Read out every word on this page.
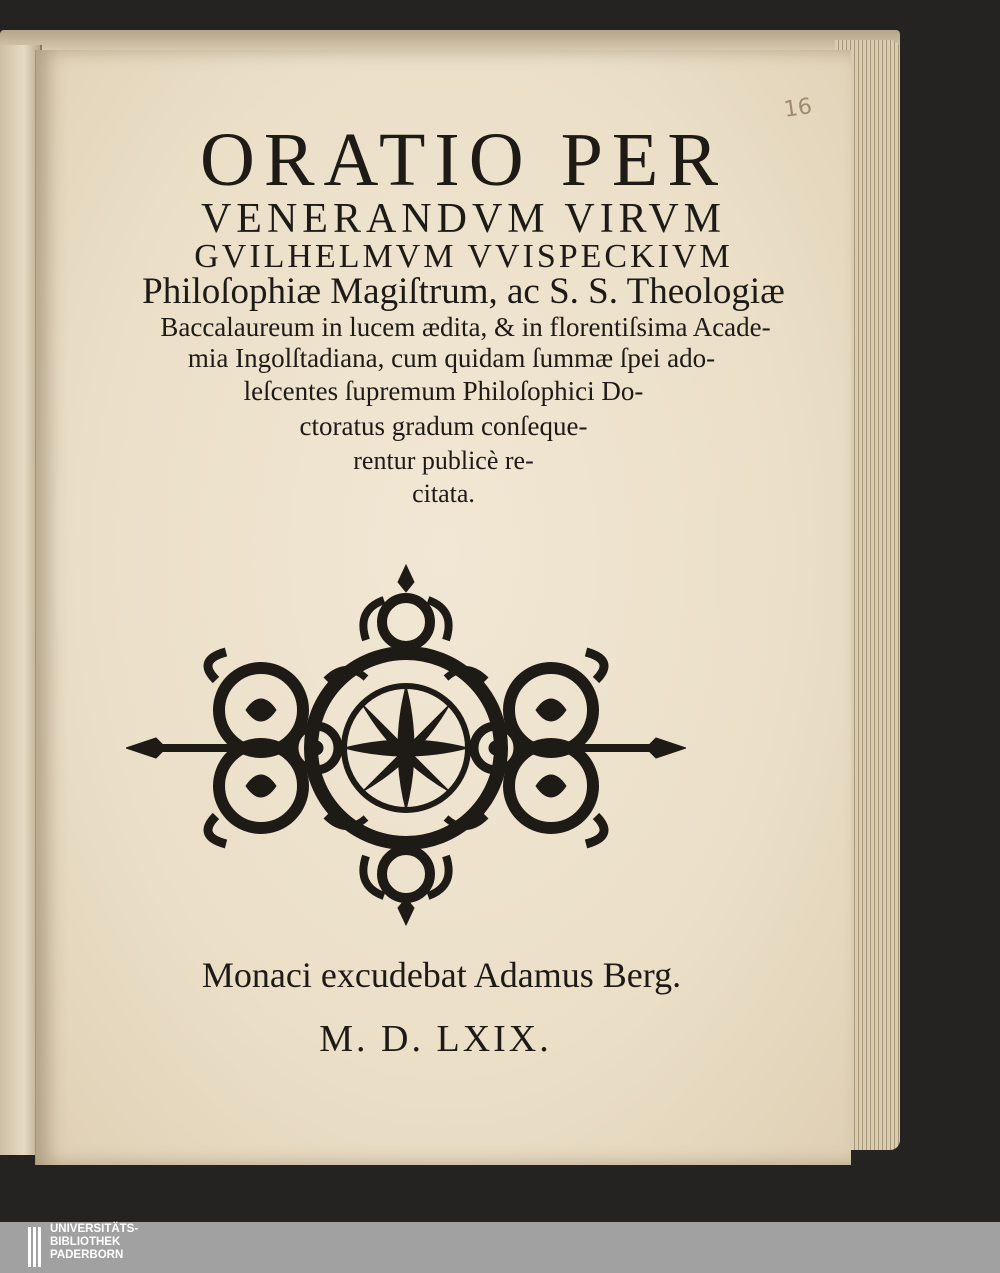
16
ORATIO PER
VENERANDVM VIRVM
GVILHELMVM VVISPECKIVM
Philoſophiæ Magiſtrum, ac S. S. Theologiæ
Baccalaureum in lucem ædita, & in florentiſsima Acade-
mia Ingolſtadiana, cum quidam ſummæ ſpei ado-
leſcentes ſupremum Philoſophici Do-
ctoratus gradum conſeque-
rentur publicè re-
citata.
Monaci excudebat Adamus Berg.
M. D. LXIX.
UNIVERSITÄTS-
BIBLIOTHEK
PADERBORN
